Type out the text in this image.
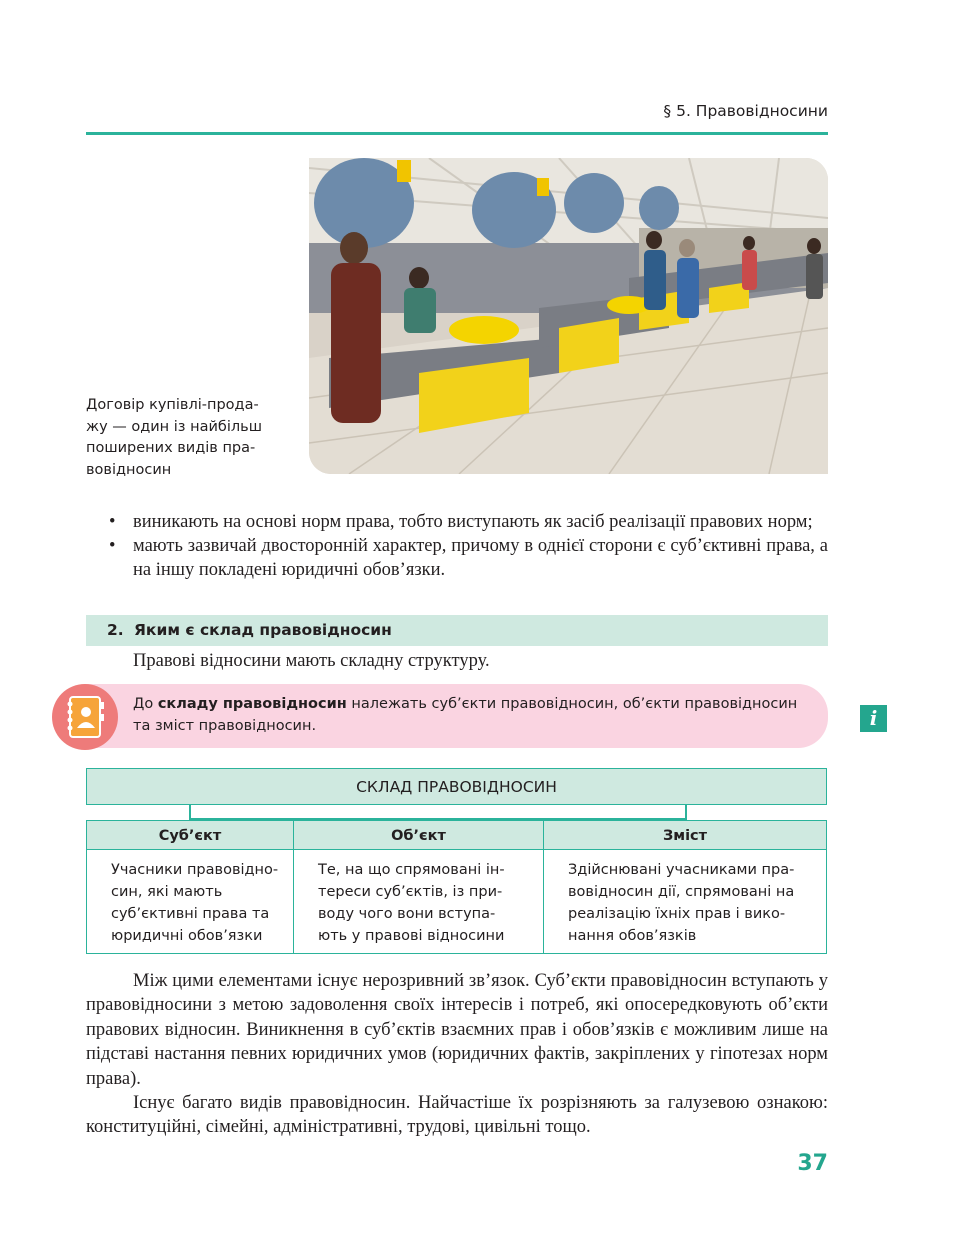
§ 5. Правовідносини
Договір купівлі-прода-
жу — один із найбільш
поширених видів пра-
вовідносин
• виникають на основі норм права, тобто виступають як засіб реалізації правових норм;
• мають зазвичай двосторонній характер, причому в однієї сторони є суб’єктивні права, а на іншу покладені юридичні обов’язки.
2. Яким є склад правовідносин
Правові відносини мають складну структуру.
До складу правовідносин належать суб’єкти правовідносин, об’єкти правовідносин та зміст правовідносин.	i
СКЛАД ПРАВОВІДНОСИН
Суб’єкт
Учасники правовідно-
син, які мають
суб’єктивні права та
юридичні обов’язки
Об’єкт
Те, на що спрямовані ін-
тереси суб’єктів, із при-
воду чого вони вступа-
ють у правові відносини
Зміст
Здійснювані учасниками пра-
вовідносин дії, спрямовані на
реалізацію їхніх прав і вико-
нання обов’язків

Між цими елементами існує нерозривний зв’язок. Суб’єкти правовідносин вступають у правовідносини з метою задоволення своїх інтересів і потреб, які опосередковують об’єкти правових відносин. Виникнення в суб’єктів взаємних прав і обов’язків є можливим лише на підставі настання певних юридичних умов (юридичних фактів, закріплених у гіпотезах норм права).

Існує багато видів правовідносин. Найчастіше їх розрізняють за галузевою ознакою: конституційні, сімейні, адміністративні, трудові, цивільні тощо.

37
